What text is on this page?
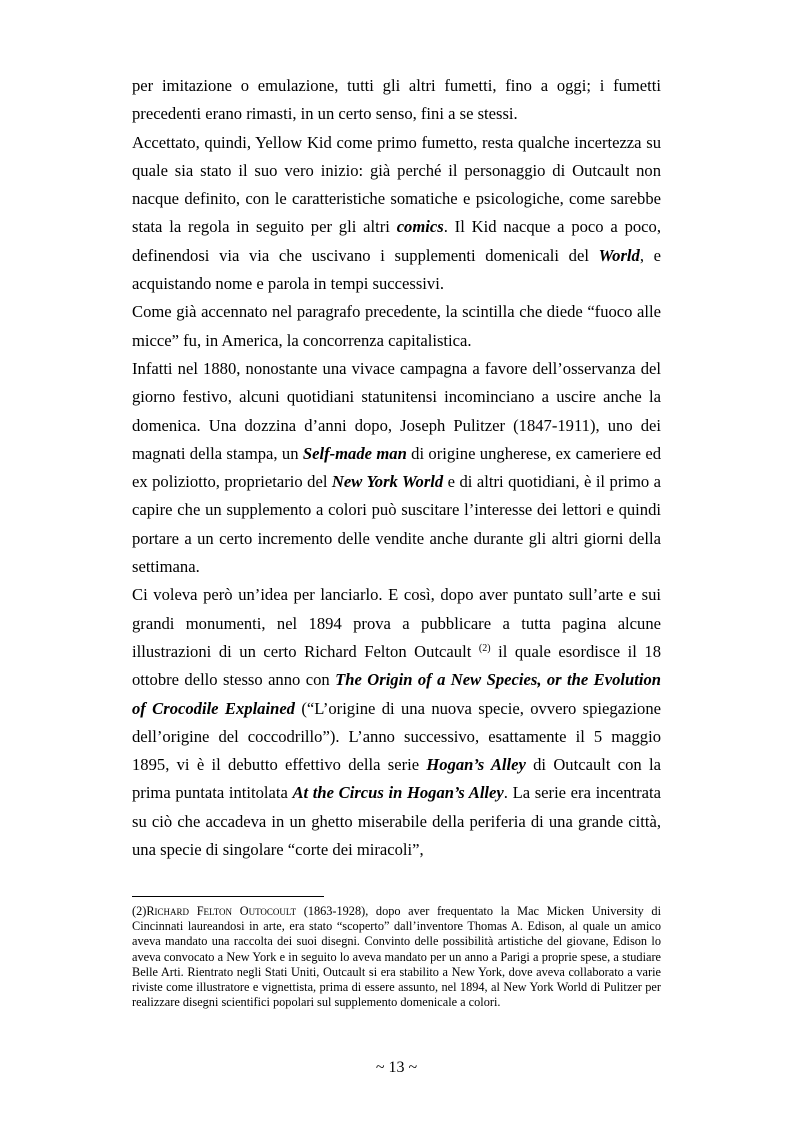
per imitazione o emulazione, tutti gli altri fumetti, fino a oggi; i fumetti precedenti erano rimasti, in un certo senso, fini a se stessi.

Accettato, quindi, Yellow Kid come primo fumetto, resta qualche incertezza su quale sia stato il suo vero inizio: già perché il personaggio di Outcault non nacque definito, con le caratteristiche somatiche e psicologiche, come sarebbe stata la regola in seguito per gli altri comics. Il Kid nacque a poco a poco, definendosi via via che uscivano i supplementi domenicali del World, e acquistando nome e parola in tempi successivi.

Come già accennato nel paragrafo precedente, la scintilla che diede “fuoco alle micce” fu, in America, la concorrenza capitalistica.

Infatti nel 1880, nonostante una vivace campagna a favore dell’osservanza del giorno festivo, alcuni quotidiani statunitensi incominciano a uscire anche la domenica. Una dozzina d’anni dopo, Joseph Pulitzer (1847-1911), uno dei magnati della stampa, un Self-made man di origine ungherese, ex cameriere ed ex poliziotto, proprietario del New York World e di altri quotidiani, è il primo a capire che un supplemento a colori può suscitare l’interesse dei lettori e quindi portare a un certo incremento delle vendite anche durante gli altri giorni della settimana.

Ci voleva però un’idea per lanciarlo. E così, dopo aver puntato sull’arte e sui grandi monumenti, nel 1894 prova a pubblicare a tutta pagina alcune illustrazioni di un certo Richard Felton Outcault $^{(2)}$ il quale esordisce il 18 ottobre dello stesso anno con The Origin of a New Species, or the Evolution of Crocodile Explained (“L’origine di una nuova specie, ovvero spiegazione dell’origine del coccodrillo”). L’anno successivo, esattamente il 5 maggio 1895, vi è il debutto effettivo della serie Hogan’s Alley di Outcault con la prima puntata intitolata At the Circus in Hogan’s Alley. La serie era incentrata su ciò che accadeva in un ghetto miserabile della periferia di una grande città, una specie di singolare “corte dei miracoli”,

(2)Richard Felton Outocoult (1863-1928), dopo aver frequentato la Mac Micken University di Cincinnati laureandosi in arte, era stato “scoperto” dall’inventore Thomas A. Edison, al quale un amico aveva mandato una raccolta dei suoi disegni. Convinto delle possibilità artistiche del giovane, Edison lo aveva convocato a New York e in seguito lo aveva mandato per un anno a Parigi a proprie spese, a studiare Belle Arti. Rientrato negli Stati Uniti, Outcault si era stabilito a New York, dove aveva collaborato a varie riviste come illustratore e vignettista, prima di essere assunto, nel 1894, al New York World di Pulitzer per realizzare disegni scientifici popolari sul supplemento domenicale a colori.

~ 13 ~
